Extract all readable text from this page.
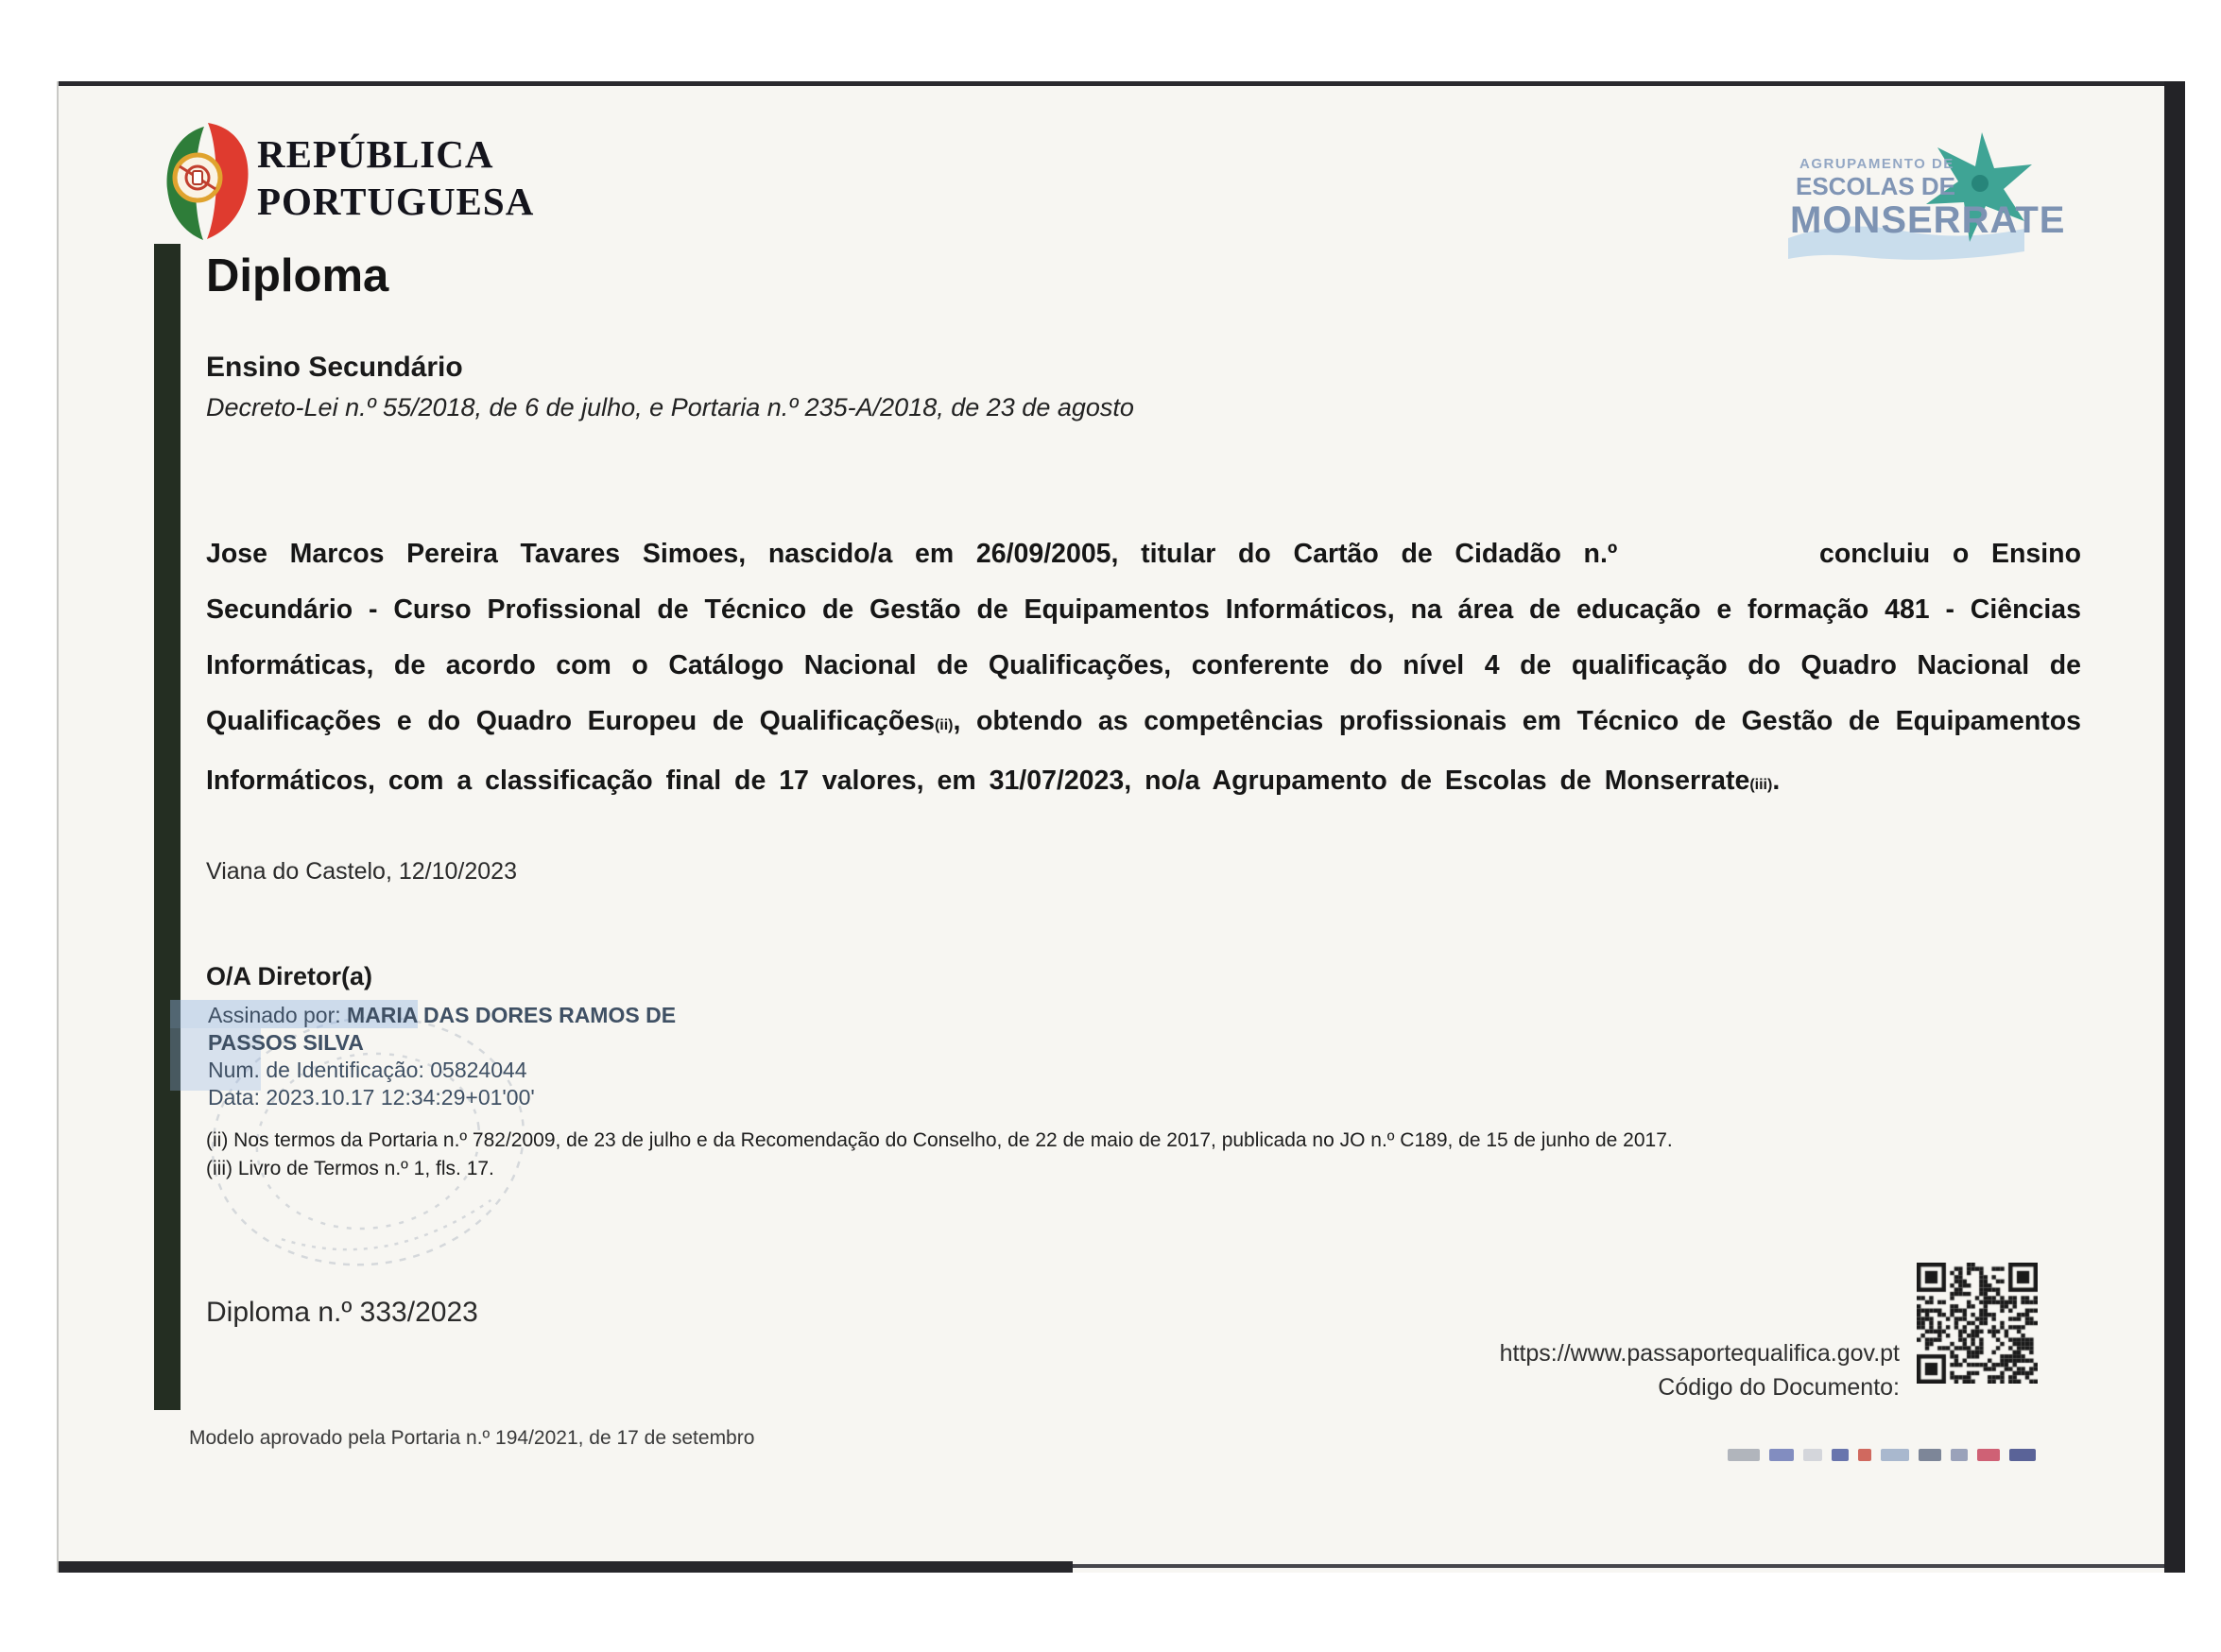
REPÚBLICA
PORTUGUESA
AGRUPAMENTO DE
ESCOLAS DE
MONSERRATE
Diploma
Ensino Secundário
Decreto-Lei n.º 55/2018, de 6 de julho, e Portaria n.º 235-A/2018, de 23 de agosto

Jose Marcos Pereira Tavares Simoes, nascido/a em 26/09/2005, titular do Cartão de Cidadão n.º	concluiu o Ensino Secundário - Curso Profissional de Técnico de Gestão de Equipamentos Informáticos, na área de educação e formação 481 - Ciências Informáticas, de acordo com o Catálogo Nacional de Qualificações, conferente do nível 4 de qualificação do Quadro Nacional de Qualificações e do Quadro Europeu de Qualificações(ii), obtendo as competências profissionais em Técnico de Gestão de Equipamentos Informáticos, com a classificação final de 17 valores, em 31/07/2023, no/a Agrupamento de Escolas de Monserrate(iii).

Viana do Castelo, 12/10/2023
O/A Diretor(a)
Assinado por: MARIA DAS DORES RAMOS DE
PASSOS SILVA
Num. de Identificação: 05824044
Data: 2023.10.17 12:34:29+01'00'
(ii) Nos termos da Portaria n.º 782/2009, de 23 de julho e da Recomendação do Conselho, de 22 de maio de 2017, publicada no JO n.º C189, de 15 de junho de 2017.
(iii) Livro de Termos n.º 1, fls. 17.
Diploma n.º 333/2023
https://www.passaportequalifica.gov.pt
Código do Documento:
Modelo aprovado pela Portaria n.º 194/2021, de 17 de setembro
